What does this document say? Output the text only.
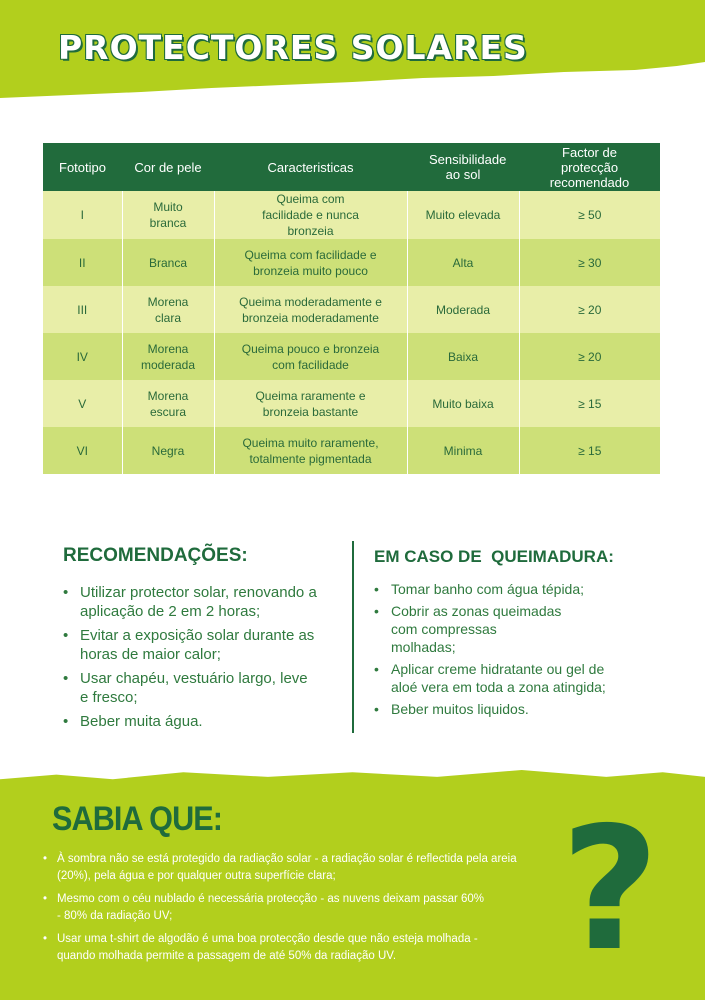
PROTECTORES SOLARES
Fototipo	Cor de pele	Caracteristicas	Sensibilidade ao sol	Factor de protecção recomendado
I	Muito branca	Queima com facilidade e nunca bronzeia	Muito elevada	≥ 50
II	Branca	Queima com facilidade e bronzeia muito pouco	Alta	≥ 30
III	Morena clara	Queima moderadamente e bronzeia moderadamente	Moderada	≥ 20
IV	Morena moderada	Queima pouco e bronzeia com facilidade	Baixa	≥ 20
V	Morena escura	Queima raramente e bronzeia bastante	Muito baixa	≥ 15
VI	Negra	Queima muito raramente, totalmente pigmentada	Minima	≥ 15
RECOMENDAÇÕES:
• Utilizar protector solar, renovando a aplicação de 2 em 2 horas;
• Evitar a exposição solar durante as horas de maior calor;
• Usar chapéu, vestuário largo, leve e fresco;
• Beber muita água.
EM CASO DE  QUEIMADURA:
• Tomar banho com água tépida;
• Cobrir as zonas queimadas com compressas molhadas;
• Aplicar creme hidratante ou gel de aloé vera em toda a zona atingida;
• Beber muitos liquidos.
SABIA QUE:
• À sombra não se está protegido da radiação solar - a radiação solar é reflectida pela areia (20%), pela água e por qualquer outra superfície clara;
• Mesmo com o céu nublado é necessária protecção - as nuvens deixam passar 60% - 80% da radiação UV;
• Usar uma t-shirt de algodão é uma boa protecção desde que não esteja molhada - quando molhada permite a passagem de até 50% da radiação UV. ?
